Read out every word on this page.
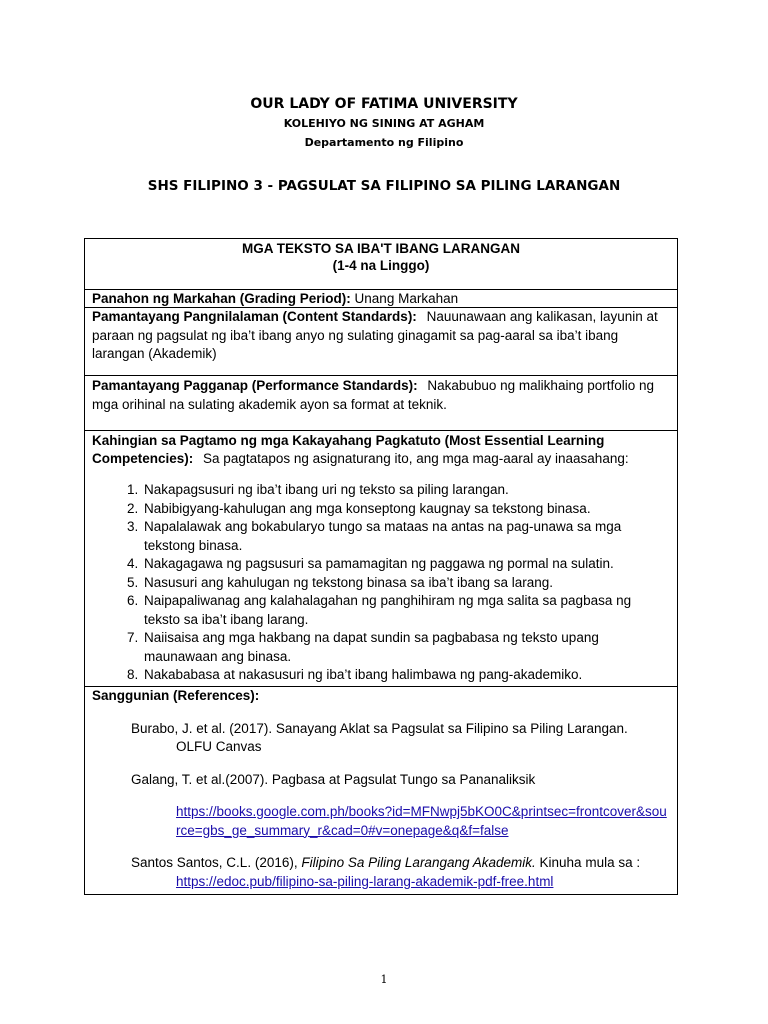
OUR LADY OF FATIMA UNIVERSITY
KOLEHIYO NG SINING AT AGHAM
Departamento ng Filipino
SHS FILIPINO 3 - PAGSULAT SA FILIPINO SA PILING LARANGAN
MGA TEKSTO SA IBA'T IBANG LARANGAN
(1-4 na Linggo)
Panahon ng Markahan (Grading Period): Unang Markahan
Pamantayang Pangnilalaman (Content Standards): Nauunawaan ang kalikasan, layunin at paraan ng pagsulat ng iba’t ibang anyo ng sulating ginagamit sa pag-aaral sa iba’t ibang larangan (Akademik)
Pamantayang Pagganap (Performance Standards): Nakabubuo ng malikhaing portfolio ng mga orihinal na sulating akademik ayon sa format at teknik.
Kahingian sa Pagtamo ng mga Kakayahang Pagkatuto (Most Essential Learning Competencies): Sa pagtatapos ng asignaturang ito, ang mga mag-aaral ay inaasahang:
1. Nakapagsusuri ng iba’t ibang uri ng teksto sa piling larangan.
2. Nabibigyang-kahulugan ang mga konseptong kaugnay sa tekstong binasa.
3. Napalalawak ang bokabularyo tungo sa mataas na antas na pag-unawa sa mga tekstong binasa.
4. Nakagagawa ng pagsusuri sa pamamagitan ng paggawa ng pormal na sulatin.
5. Nasusuri ang kahulugan ng tekstong binasa sa iba’t ibang sa larang.
6. Naipapaliwanag ang kalahalagahan ng panghihiram ng mga salita sa pagbasa ng teksto sa iba’t ibang larang.
7. Naiisaisa ang mga hakbang na dapat sundin sa pagbabasa ng teksto upang maunawaan ang binasa.
8. Nakababasa at nakasusuri ng iba’t ibang halimbawa ng pang-akademiko.
Sanggunian (References):
Burabo, J. et al. (2017). Sanayang Aklat sa Pagsulat sa Filipino sa Piling Larangan.
OLFU Canvas
Galang, T. et al.(2007). Pagbasa at Pagsulat Tungo sa Pananaliksik
https://books.google.com.ph/books?id=MFNwpj5bKO0C&printsec=frontcover&sou
rce=gbs_ge_summary_r&cad=0#v=onepage&q&f=false
Santos Santos, C.L. (2016), Filipino Sa Piling Larangang Akademik. Kinuha mula sa :
https://edoc.pub/filipino-sa-piling-larang-akademik-pdf-free.html
1
